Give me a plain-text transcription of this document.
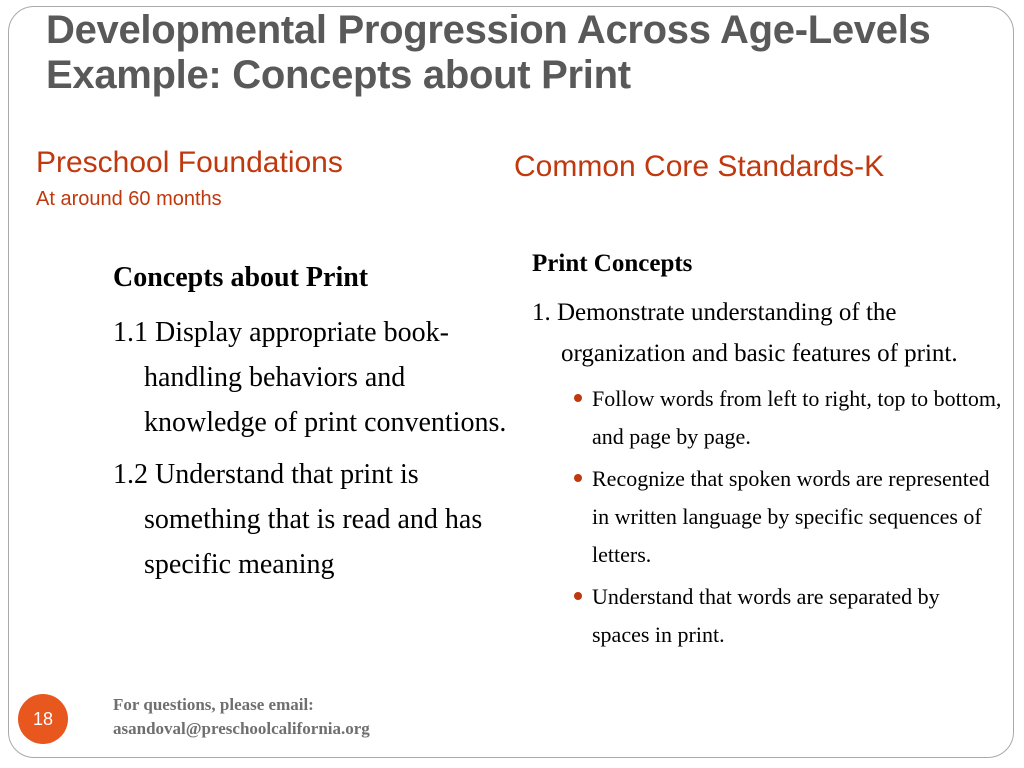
Developmental Progression Across Age-Levels
Example: Concepts about Print
Preschool Foundations
At around 60 months
Common Core Standards-K
Concepts about Print
1.1 Display appropriate book-handling behaviors and knowledge of print conventions.
1.2 Understand that print is something that is read and has specific meaning
Print Concepts
1. Demonstrate understanding of the organization and basic features of print.
Follow words from left to right, top to bottom, and page by page.
Recognize that spoken words are represented in written language by specific sequences of letters.
Understand that words are separated by spaces in print.
18
For questions, please email:
asandoval@preschoolcalifornia.org
